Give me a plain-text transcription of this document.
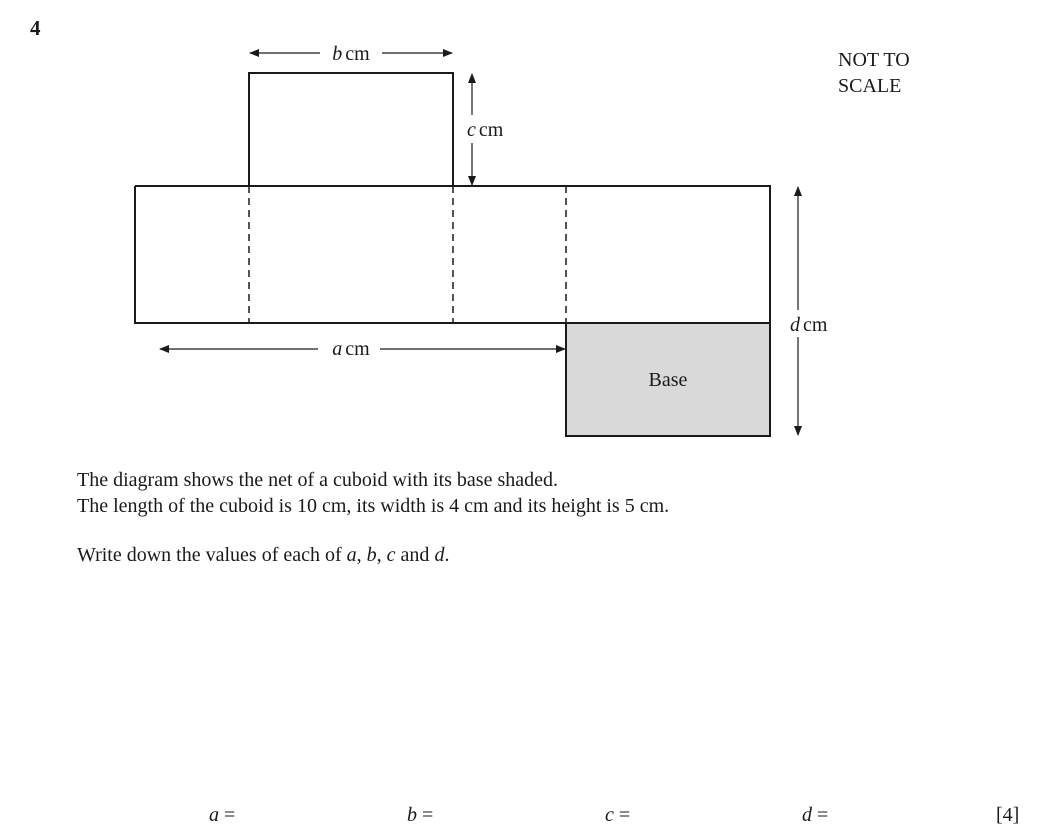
4
NOT TO
SCALE
b cm
c cm
d cm
a cm
Base

The diagram shows the net of a cuboid with its base shaded.

The length of the cuboid is 10 cm, its width is 4 cm and its height is 5 cm.

Write down the values of each of a, b, c and d.
a =	b =	c =	d =	[4]
